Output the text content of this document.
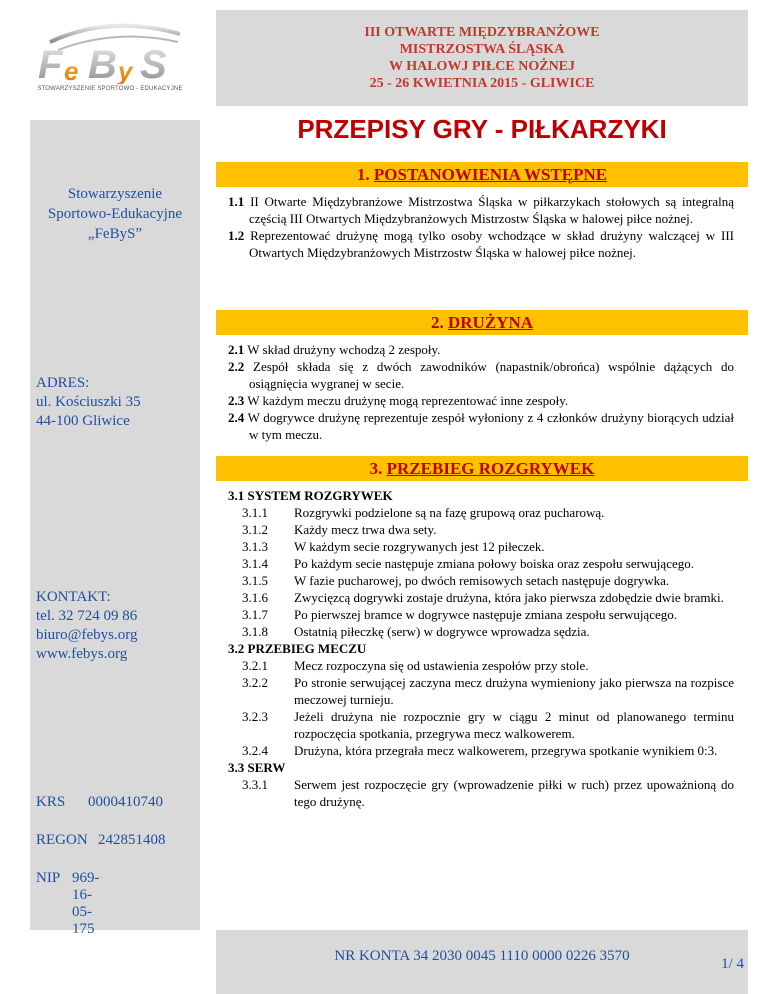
F e B y S
STOWARZYSZENIE SPORTOWO - EDUKACYJNE
III OTWARTE MIĘDZYBRANŻOWE
MISTRZOSTWA ŚLĄSKA
W HALOWJ PIŁCE NOŻNEJ
25 - 26 KWIETNIA 2015 - GLIWICE
Stowarzyszenie
Sportowo-Edukacyjne
„FeBySˮ
ADRES:
ul. Kościuszki 35
44-100 Gliwice
KONTAKT:
tel. 32 724 09 86
biuro@febys.org
www.febys.org
KRS 0000410740
REGON 242851408
NIP 969-16-05-175
PRZEPISY GRY - PIŁKARZYKI
1. POSTANOWIENIA WSTĘPNE
1.1 II Otwarte Międzybranżowe Mistrzostwa Śląska w piłkarzykach stołowych są integralną częścią III Otwartych Międzybranżowych Mistrzostw Śląska w halowej piłce nożnej.
1.2 Reprezentować drużynę mogą tylko osoby wchodzące w skład drużyny walczącej w III Otwartych Międzybranżowych Mistrzostw Śląska w halowej piłce nożnej.
2. DRUŻYNA
2.1 W skład drużyny wchodzą 2 zespoły.
2.2 Zespół składa się z dwóch zawodników (napastnik/obrońca) wspólnie dążących do osiągnięcia wygranej w secie.
2.3 W każdym meczu drużynę mogą reprezentować inne zespoły.
2.4 W dogrywce drużynę reprezentuje zespół wyłoniony z 4 członków drużyny biorących udział w tym meczu.
3. PRZEBIEG ROZGRYWEK
3.1 SYSTEM ROZGRYWEK
3.1.1 Rozgrywki podzielone są na fazę grupową oraz pucharową.
3.1.2 Każdy mecz trwa dwa sety.
3.1.3 W każdym secie rozgrywanych jest 12 piłeczek.
3.1.4 Po każdym secie następuje zmiana połowy boiska oraz zespołu serwującego.
3.1.5 W fazie pucharowej, po dwóch remisowych setach następuje dogrywka.
3.1.6 Zwycięzcą dogrywki zostaje drużyna, która jako pierwsza zdobędzie dwie bramki.
3.1.7 Po pierwszej bramce w dogrywce następuje zmiana zespołu serwującego.
3.1.8 Ostatnią piłeczkę (serw) w dogrywce wprowadza sędzia.
3.2 PRZEBIEG MECZU
3.2.1 Mecz rozpoczyna się od ustawienia zespołów przy stole.
3.2.2 Po stronie serwującej zaczyna mecz drużyna wymieniony jako pierwsza na rozpisce meczowej turnieju.
3.2.3 Jeżeli drużyna nie rozpocznie gry w ciągu 2 minut od planowanego terminu rozpoczęcia spotkania, przegrywa mecz walkowerem.
3.2.4 Drużyna, która przegrała mecz walkowerem, przegrywa spotkanie wynikiem 0:3.
3.3 SERW
3.3.1 Serwem jest rozpoczęcie gry (wprowadzenie piłki w ruch) przez upoważnioną do tego drużynę.
NR KONTA 34 2030 0045 1110 0000 0226 3570	1/ 4
